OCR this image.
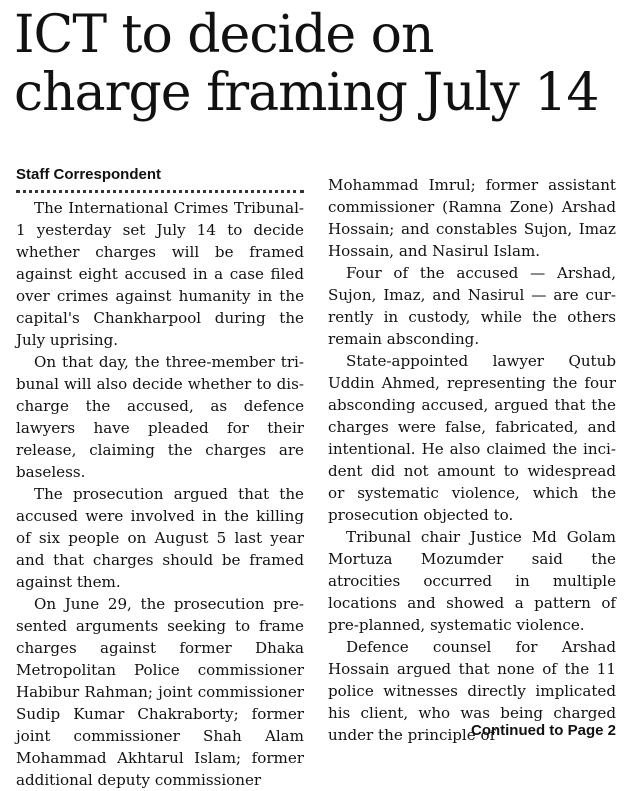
ICT to decide on charge framing July 14
Staff Correspondent

The International Crimes Tribunal-1 yesterday set July 14 to decide whether charges will be framed against eight accused in a case filed over crimes against humanity in the capital's Chankharpool during the July uprising.

On that day, the three-member tribunal will also decide whether to discharge the accused, as defence lawyers have pleaded for their release, claiming the charges are baseless.

The prosecution argued that the accused were involved in the killing of six people on August 5 last year and that charges should be framed against them.

On June 29, the prosecution presented arguments seeking to frame charges against former Dhaka Metropolitan Police commissioner Habibur Rahman; joint commissioner Sudip Kumar Chakraborty; former joint commissioner Shah Alam Mohammad Akhtarul Islam; former additional deputy commissioner

Mohammad Imrul; former assistant commissioner (Ramna Zone) Arshad Hossain; and constables Sujon, Imaz Hossain, and Nasirul Islam.

Four of the accused — Arshad, Sujon, Imaz, and Nasirul — are currently in custody, while the others remain absconding.

State-appointed lawyer Qutub Uddin Ahmed, representing the four absconding accused, argued that the charges were false, fabricated, and intentional. He also claimed the incident did not amount to widespread or systematic violence, which the prosecution objected to.

Tribunal chair Justice Md Golam Mortuza Mozumder said the atrocities occurred in multiple locations and showed a pattern of pre-planned, systematic violence.

Defence counsel for Arshad Hossain argued that none of the 11 police witnesses directly implicated his client, who was being charged under the principle of

Continued to Page 2
